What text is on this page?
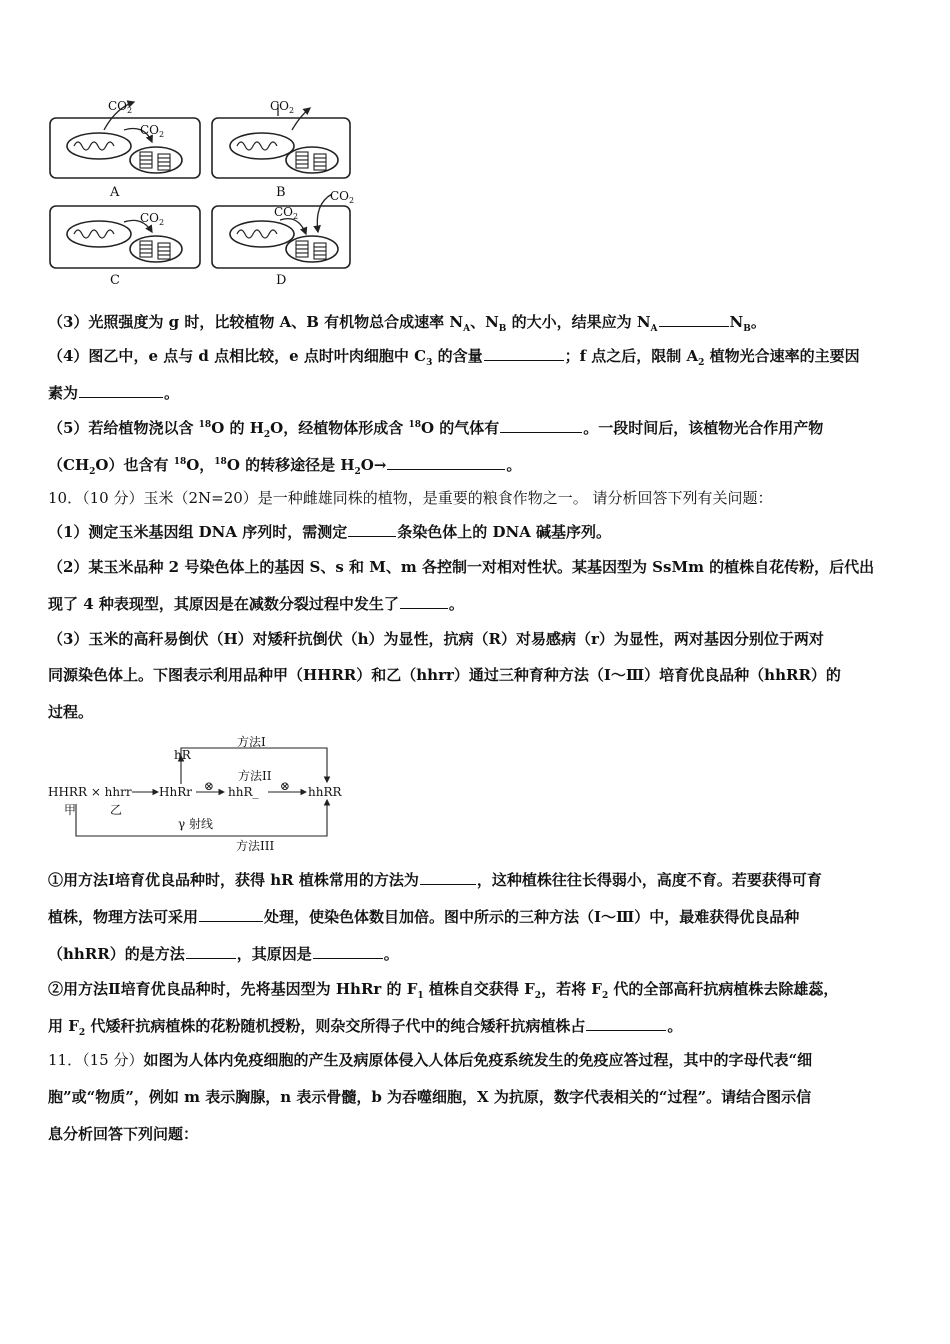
$CO_2$
$CO_2$
$CO_2$
$CO_2$
$CO_2$
$CO_2$
A	B
C	D
（3）光照强度为 g 时，比较植物 A、B 有机物总合成速率 $N_A$、$N_B$ 的大小，结果应为 $N_A$	$N_B$。
（4）图乙中，e 点与 d 点相比较，e 点时叶肉细胞中 $C_3$ 的含量	；f 点之后，限制 $A_2$ 植物光合速率的主要因
素为	。
（5）若给植物浇以含 $^{18}$O 的 $H_2O$，经植物体形成含 $^{18}$O 的气体有	。一段时间后，该植物光合作用产物
$(CH_2O)$也含有 $^{18}$O，$^{18}$O 的转移途径是 $H_2O\to$	。
10．（10 分）玉米（2N=20）是一种雌雄同株的植物，是重要的粮食作物之一。 请分析回答下列有关问题：
（1）测定玉米基因组 DNA 序列时，需测定	条染色体上的 DNA 碱基序列。
（2）某玉米品种 2 号染色体上的基因 S、s 和 M、m 各控制一对相对性状。某基因型为 SsMm 的植株自花传粉，后代出
现了 4 种表现型，其原因是在减数分裂过程中发生了	。
（3）玉米的高秆易倒伏（H）对矮秆抗倒伏（h）为显性，抗病（R）对易感病（r）为显性，两对基因分别位于两对
同源染色体上。下图表示利用品种甲（HHRR）和乙（hhrr）通过三种育种方法（Ⅰ～Ⅲ）培育优良品种（hhRR）的
过程。
方法I
hR
方法II
⊗	⊗
HHRR × hhrr HhRr	hhR_	hhRR
甲	乙
γ 射线
方法III
①用方法Ⅰ培育优良品种时，获得 hR 植株常用的方法为	，这种植株往往长得弱小，高度不育。若要获得可育
植株，物理方法可采用	处理，使染色体数目加倍。图中所示的三种方法（Ⅰ～Ⅲ）中，最难获得优良品种
（hhRR）的是方法	，其原因是	。
②用方法Ⅱ培育优良品种时，先将基因型为 HhRr 的 $F_1$ 植株自交获得 $F_2$，若将 $F_2$ 代的全部高秆抗病植株去除雄蕊，
用 $F_2$ 代矮秆抗病植株的花粉随机授粉，则杂交所得子代中的纯合矮秆抗病植株占	。
11．（15 分）如图为人体内免疫细胞的产生及病原体侵入人体后免疫系统发生的免疫应答过程，其中的字母代表“细
胞”或“物质”，例如 m 表示胸腺，n 表示骨髓，b 为吞噬细胞，X 为抗原，数字代表相关的“过程”。请结合图示信
息分析回答下列问题：
